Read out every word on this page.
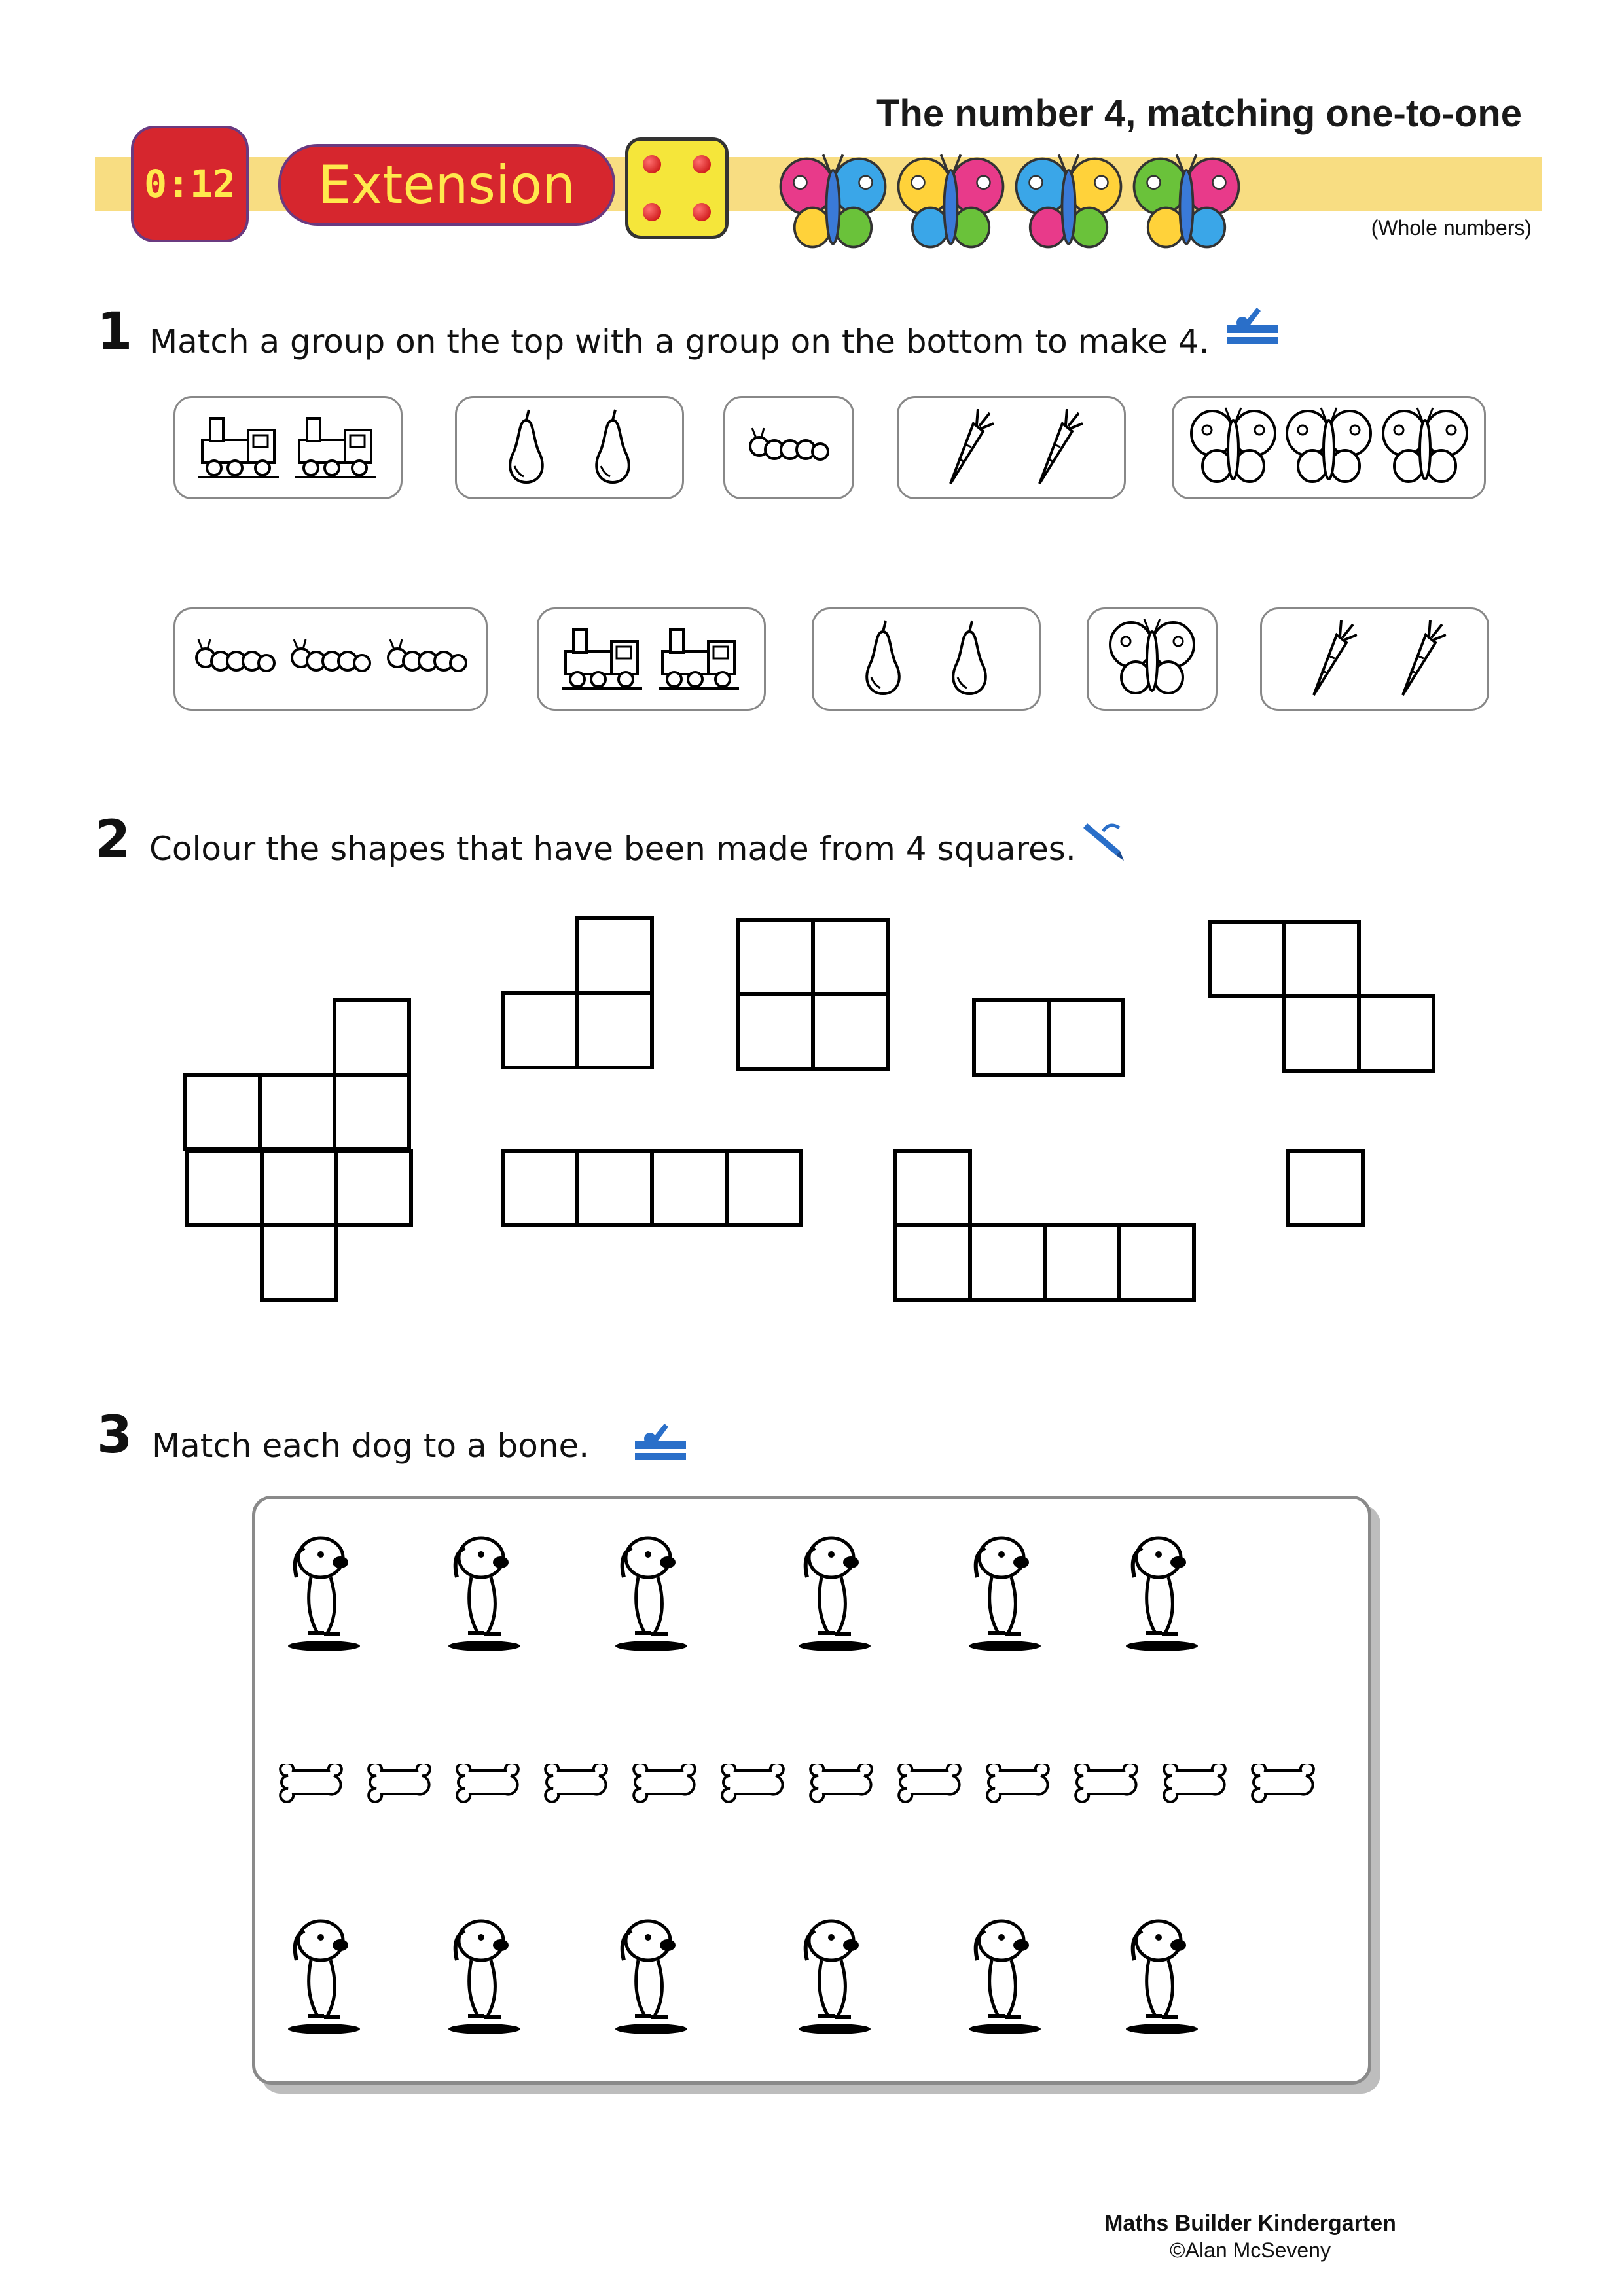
The number 4, matching one-to-one
0:12	Extension
(Whole numbers)
1 Match a group on the top with a group on the bottom to make 4.
2 Colour the shapes that have been made from 4 squares.
3 Match each dog to a bone.
Maths Builder Kindergarten
©Alan McSeveny
